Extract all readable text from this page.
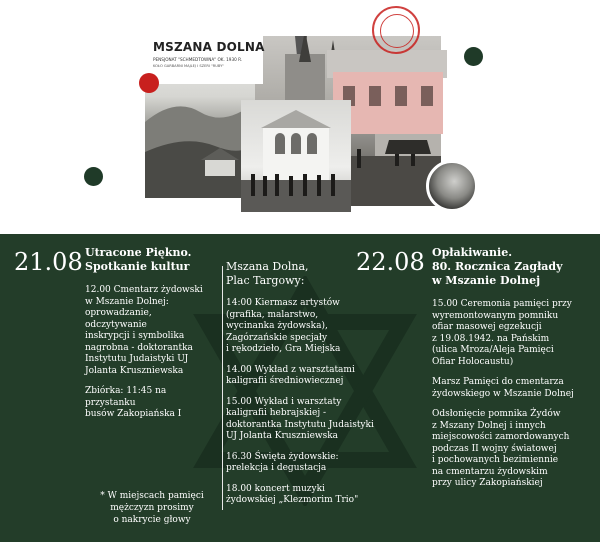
MSZANA DOLNA
PENSJONAT "SCHMEDTOWNA" OK. 1930 R.
KOŁO GARBARNI MAJLEJ I SZERI "RUBY"
21.08 Utracone Piękno.
Spotkanie kultur
12.00 Cmentarz żydowski
w Mszanie Dolnej:
oprowadzanie, odczytywanie
inskrypcji i symbolika
nagrobna - doktorantka
Instytutu Judaistyki UJ
Jolanta Kruszniewska
Zbiórka: 11:45 na przystanku
busów Zakopiańska I
* W miejscach pamięci
mężczyzn prosimy
o nakrycie głowy
Mszana Dolna,
Plac Targowy:
14:00 Kiermasz artystów
(grafika, malarstwo,
wycinanka żydowska),
Zagórzańskie specjały
i rękodzieło, Gra Miejska
14.00 Wykład z warsztatami
kaligrafii średniowiecznej
15.00 Wykład i warsztaty
kaligrafii hebrajskiej -
doktorantka Instytutu Judaistyki
UJ Jolanta Kruszniewska
16.30 Święta żydowskie:
prelekcja i degustacja
18.00 koncert muzyki
żydowskiej „Klezmorim Trio"
22.08 Opłakiwanie.
80. Rocznica Zagłady
w Mszanie Dolnej
15.00 Ceremonia pamięci przy
wyremontowanym pomniku
ofiar masowej egzekucji
z 19.08.1942. na Pańskim
(ulica Mroza/Aleja Pamięci
Ofiar Holocaustu)
Marsz Pamięci do cmentarza
żydowskiego w Mszanie Dolnej
Odsłonięcie pomnika Żydów
z Mszany Dolnej i innych
miejscowości zamordowanych
podczas II wojny światowej
i pochowanych bezimiennie
na cmentarzu żydowskim
przy ulicy Zakopiańskiej
